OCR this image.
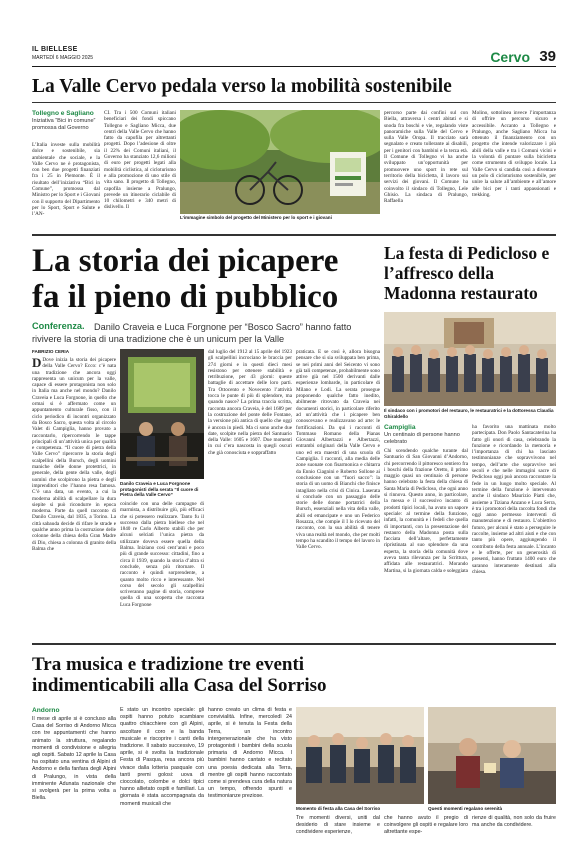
IL BIELLESE
MARTEDÌ 6 MAGGIO 2025	Cervo 39
La Valle Cervo pedala verso la mobilità sostenibile
Tollegno e Sagliano
Iniziativa “Bici in comune” promossa dal Governo
L’Italia investe sulla mobilità dolce e sostenibile, sia ambientale che sociale, e la Valle Cervo ne è protagonista, con ben due progetti finanziati fra i 25 in Piemonte. È il risultato dell’iniziativa “Bici in Comune”, promossa dal Ministro per lo Sport e i Giovani con il supporto del Dipartimento per lo Sport, Sport e Salute e l’AN-
CI. Tra i 500 Comuni italiani beneficiari dei fondi spiccano Tollegno e Sagliano Micca, due centri della Valle Cervo che hanno fatto da capofila per altrettanti progetti. Dopo l’adesione di oltre il 22% dei Comuni italiani, il Governo ha stanziato 12,6 milioni di euro per progetti legati alla mobilità ciclistica, al cicloturismo e alla promozione di uno stile di vita sano. Il progetto di Tollegno, capofila insieme a Pralungo, prevede un itinerario ciclabile di 10 chilometri e 340 metri di dislivello. Il
L’immagine simbolo del progetto del Ministero per lo sport e i giovani
percorso parte dai confini sul con Biella, attraversa i centri abitati e si snoda fra boschi e vie, regalando viste panoramiche sulla Valle del Cervo e sulla Valle Oropa. Il tracciato sarà segnalato e creato tollerante ai disabili, per i genitori con bambini e la terza età. Il Comune di Tollegno vi ha anche sviluppato un’opportunità per promuovere uno sport in rete sul territorio della bicicletta, il lavoro sui servizi dei giovani. Il Comune ha coinvolto il sindaco di Tollegno, Lele Ghisio. La sindaca di Pralungo, Raffaella
Molino, sottolinea invece l’importanza di offrire un percorso sicuro e accessibile. Accanto a Tollegno e Pralungo, anche Sagliano Micca ha ottenuto il finanziamento con un progetto che intende valorizzare i più abili della valle e tra i Comuni vicini e la volontà di puntare sulla bicicletta come strumento di sviluppo locale. La Valle Cervo si candida così a diventare un polo di cicloturismo sostenibile, per unire la salute all’ambiente e all’amore alle bici per i tanti appassionati e trekking.
La storia dei picapere
fa il pieno di pubblico
Conferenza.	Danilo Craveia e Luca Forgnone per “Bosco Sacro” hanno fatto rivivere la storia di una tradizione che è un unicum per la Valle
FABRIZIO CERIA
D Dove inizia la storia dei picapere della Valle Cervo? Ecco: c’è nata una tradizione che ancora oggi rappresenta un unicum per la valle, capace di essere protagonista non solo in Italia ma anche nel mondo? Danilo Craveia e Luca Forgnone, in quello che ormai si è affermato come un appuntamento culturale fisso, con il ciclo periodico di incontri organizzato da Bosco Sacro, questa volta al circolo Valet di Campiglia, hanno provato a raccontarlo, ripercorrendo le tappe principali di un’attività unica per qualità e competenza. “Il cuore di pietra della Valle Cervo” ripercorre la storia degli scalpellini della Bursch, degli uomini maniche delle donne protettrici, in generale, della gente della valle, degli uomini che scolpirono la pietra e degli imprenditori che l’hanno resa famosa. C’è una data, un evento, a cui la moderna abilità di scalpellare la dura siepite sì può ricondurre in epoca moderna. Parte da quell racconto di Danilo Craveia, dal 1835, a Torino. La città sabauda decide di rifare le strade e qualche anno prima la costruzione delle colonne della chiesa della Gran Madre di Dio, chiesa a colonna di granito della Balma che
Danilo Craveia e Luca Forgnone protagonisti della serata “Il cuore di Pietra della Valle Cervo”
coincide con una delle campagne di marmista, a distribuire giù, più efficaci che si potessero realizzare. Tanto fu il successo dalla pietra biellese che nel 1840 re Carlo Alberto stabilì che per alcuni selciati l’unica pietra da utilizzare doveva essere quella della Balma. Iniziano così cent’anni e poco più di grande successo: cittadini, fino a circa il 1939, quando la storia d’altra si conclude, senza più ritornare. Il racconto è quindi sorprendente, a quanto molto ricco e interessante. Nel corso del secolo gli scalpellini scriveranno pagine di storia, comprese quella di una scoperta che racconta Luca Forgnone
dal luglio del 1912 al 15 aprile del 1923 gli scalpellini incrociano le braccia per 274 giorni e in questi dieci mesi resistono per ottenere stabilità e retribuzione, per 43 giorni: queste battaglie di accettare delle loro parti. Tra Ottocento e Novecento l’attività tocca le punte di più di splendore, ma quando nasce? La prima traccia scritta, racconta ancora Craveia, è del 1689 per la costruzione del ponte delle Fontane, la versione più antica di quello che oggi è ancora in piedi. Ma ci sono anche due date, scolpite nella pietra del Santuario della Valle: 1605 e 1607. Due momenti in cui c’era nascosta in quegli oscuri che già conosciuta e soppraffatto
praticata. E se così è, allora bisogna pensare che si sia sviluppata ben prima, se nei primi anni del Seicento vi sono già tali competenze, probabilmente sono attive già nel 1500 derivanti dalle esperienze lombarde, in particolare di Milano e Lodi. La serata prosegue proponendo qualche fatto inedito, abilmente ritrovato da Craveia nei documenti storici, in particolare riferito ad un’attività che i picapere ben conoscevano e realizzavano ad arte: le fortificazioni. Da qui i racconti di Tommaso Romano della Pianas Giovanni Albertazzi e Albertazzi, entrambi originari della Valle Cervo e uno ed era maestri di una scuola di Campiglia. I racconti, alla media delle zone suonate con fisarmonica e chitarra da Ennio Ciagnini e Roberto Sollone ai conclusione con un “fuori sacco”: la storia di un uomo di Bianchi che finisce intagliato nella crisi di Cinica. Laserata si conclude con un passaggio delle storie delle donne portatrici della Bursch, essenziali nella vita della valle, abili ed emancipate e uno un Federico Rosazza, che compie il I lo ricevuto del racconto, con la sua abilità di tenere viva una realtà nel mondo, che per molti tempo ha scandito il tempo del lavoro in Valle Cervo.
La festa di Pedicloso e l’affresco della Madonna restaurato
Il sindaco con i promotori del restauro, le restauratrici e la dottoressa Claudia Ghiraldello
Campiglia
Un centinaio di persone hanno celebrato
Chi scendendo qualche turante dal Santuario di San Giovanni d’Andorno, chi percorrendo il pittoresco sentiero fra i boschi della frazione Oretto, il primo maggio quasi un centinaio di persone hanno celebrato la festa della chiesa di Santa Maria di Pedicloso, che ogni anno si rinnova. Questo anno, in particolare, la messa e il successivo incanto di prodotti tipici locali, ha avuto un sapore speciale: al termine della funzione, infatti, la comunità e i fedeli che quella di importanti, con la presentazione del restauro della Madonna posta sulla facciata dell’altare, perfettamente ripristinata al suo splendore da una esperta, la storia della comunità dove aveva tanta rilevanza per la Scrittura, affidata alle restauratrici. Morando Martina, si la giornata calda e soleggiata
ha favorito una mattinata molto partecipata. Don Paolo Santacaterina ha fatto gli onori di casa, celebrando la funzione e ricordando la memoria e l’importanza di chi ha lasciato testimonianze che sopravvivono nel tempo, dell’arte che sopravvive nei secoli e che nelle immagini sacre di Pedicloso oggi può ancora raccontare la fede in un luogo molto speciale. Al termine della funzione è intervenuto anche il sindaco Maurizio Piatti che, assieme a Tiziana Anzano e Luca Serra, è tra i promotori della raccolta fondi che oggi anno permesso interventi di manutenzione e di restauro. L’obiettivo futuro, per alcuni è stato a perseguire le raccolte, insieme ad altri aiuti e che con tanto più opere, aggiungendo il contributo della festa annuale. L’incanto e le offerte, per un generosità di presenti, hanno fruttato 1400 euro che saranno interamente destinati alla chiesa.
Tra musica e tradizione tre eventi
indimenticabili alla Casa del Sorriso
Andorno
Il mese di aprile si è concluso alla Casa del Sorriso di Andorno Micca con tre appuntamenti che hanno animato la struttura, regalando momenti di condivisione e allegria agli ospiti. Sabato 12 aprile la Casa ha ospitato una ventina di Alpini di Andorno e della fanfara degli Alpini di Pralungo, in vista della imminente Adunata nazionale che si svolgerà per la prima volta a Biella.
E stato un incontro speciale: gli ospiti hanno potuto scambiare quattro chiacchiere con gli Alpini, ascoltare il coro e la banda musicale e riscoprire i canti della tradizione. Il sabato successivo, 19 aprile, si è svolta la tradizionale Festa di Pasqua, resa ancora più vivace dalla lotteria pasquale con tanti premi golosi: uova di cioccolato, colombe e dolci tipici hanno allietato ospiti e familiari. La giornata è stata accompagnata da momenti musicali che
hanno creato un clima di festa e convivialità. Infine, mercoledì 24 aprile, si è tenuta la Festa della Terra, un incontro intergenerazionale che ha visto protagonisti i bambini della scuola primaria di Andorno Micca. I bambini hanno cantato e recitato una poesia dedicata alla Terra, mentre gli ospiti hanno raccontato come si prendeva cura della natura un tempo, offrendo spunti e testimonianze preziose.
Momento di festa alla Casa del Sorriso	Questi momenti regalano serenità
Tre momenti diversi, uniti dal desiderio di stare insieme e condividere esperienze,
che hanno avuto il pregio di coinvolgere gli ospiti e regalare loro altrettante espe-
rienze di qualità, non solo da fruire ma anche da condividere.
